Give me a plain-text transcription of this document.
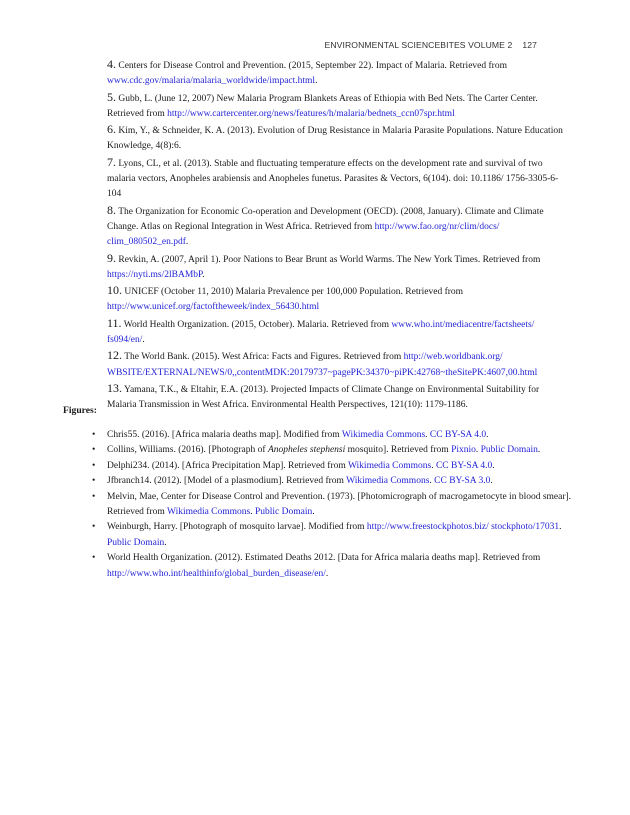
ENVIRONMENTAL SCIENCEBITES VOLUME 2 127

4. Centers for Disease Control and Prevention. (2015, September 22). Impact of Malaria. Retrieved from www.cdc.gov/malaria/malaria_worldwide/impact.html.

5. Gubb, L. (June 12, 2007) New Malaria Program Blankets Areas of Ethiopia with Bed Nets. The Carter Center. Retrieved from http://www.cartercenter.org/news/features/h/malaria/bednets_ccn07spr.html

6. Kim, Y., & Schneider, K. A. (2013). Evolution of Drug Resistance in Malaria Parasite Populations. Nature Education Knowledge, 4(8):6.

7. Lyons, CL, et al. (2013). Stable and fluctuating temperature effects on the development rate and survival of two malaria vectors, Anopheles arabiensis and Anopheles funetus. Parasites & Vectors, 6(104). doi: 10.1186/ 1756-3305-6-104

8. The Organization for Economic Co-operation and Development (OECD). (2008, January). Climate and Climate Change. Atlas on Regional Integration in West Africa. Retrieved from http://www.fao.org/nr/clim/docs/ clim_080502_en.pdf.

9. Revkin, A. (2007, April 1). Poor Nations to Bear Brunt as World Warms. The New York Times. Retrieved from https://nyti.ms/2lBAMbP.

10. UNICEF (October 11, 2010) Malaria Prevalence per 100,000 Population. Retrieved from http://www.unicef.org/factoftheweek/index_56430.html

11. World Health Organization. (2015, October). Malaria. Retrieved from www.who.int/mediacentre/factsheets/ fs094/en/.

12. The World Bank. (2015). West Africa: Facts and Figures. Retrieved from http://web.worldbank.org/ WBSITE/EXTERNAL/NEWS/0,,contentMDK:20179737~pagePK:34370~piPK:42768~theSitePK:4607,00.html

13. Yamana, T.K., & Eltahir, E.A. (2013). Projected Impacts of Climate Change on Environmental Suitability for Malaria Transmission in West Africa. Environmental Health Perspectives, 121(10): 1179-1186.

Figures:
• Chris55. (2016). [Africa malaria deaths map]. Modified from Wikimedia Commons. CC BY-SA 4.0.
• Collins, Williams. (2016). [Photograph of Anopheles stephensi mosquito]. Retrieved from Pixnio. Public Domain.
• Delphi234. (2014). [Africa Precipitation Map]. Retrieved from Wikimedia Commons. CC BY-SA 4.0.
• Jfbranch14. (2012). [Model of a plasmodium]. Retrieved from Wikimedia Commons. CC BY-SA 3.0.
• Melvin, Mae, Center for Disease Control and Prevention. (1973). [Photomicrograph of macrogametocyte in blood smear]. Retrieved from Wikimedia Commons. Public Domain.
• Weinburgh, Harry. [Photograph of mosquito larvae]. Modified from http://www.freestockphotos.biz/ stockphoto/17031. Public Domain.
• World Health Organization. (2012). Estimated Deaths 2012. [Data for Africa malaria deaths map]. Retrieved from http://www.who.int/healthinfo/global_burden_disease/en/.
